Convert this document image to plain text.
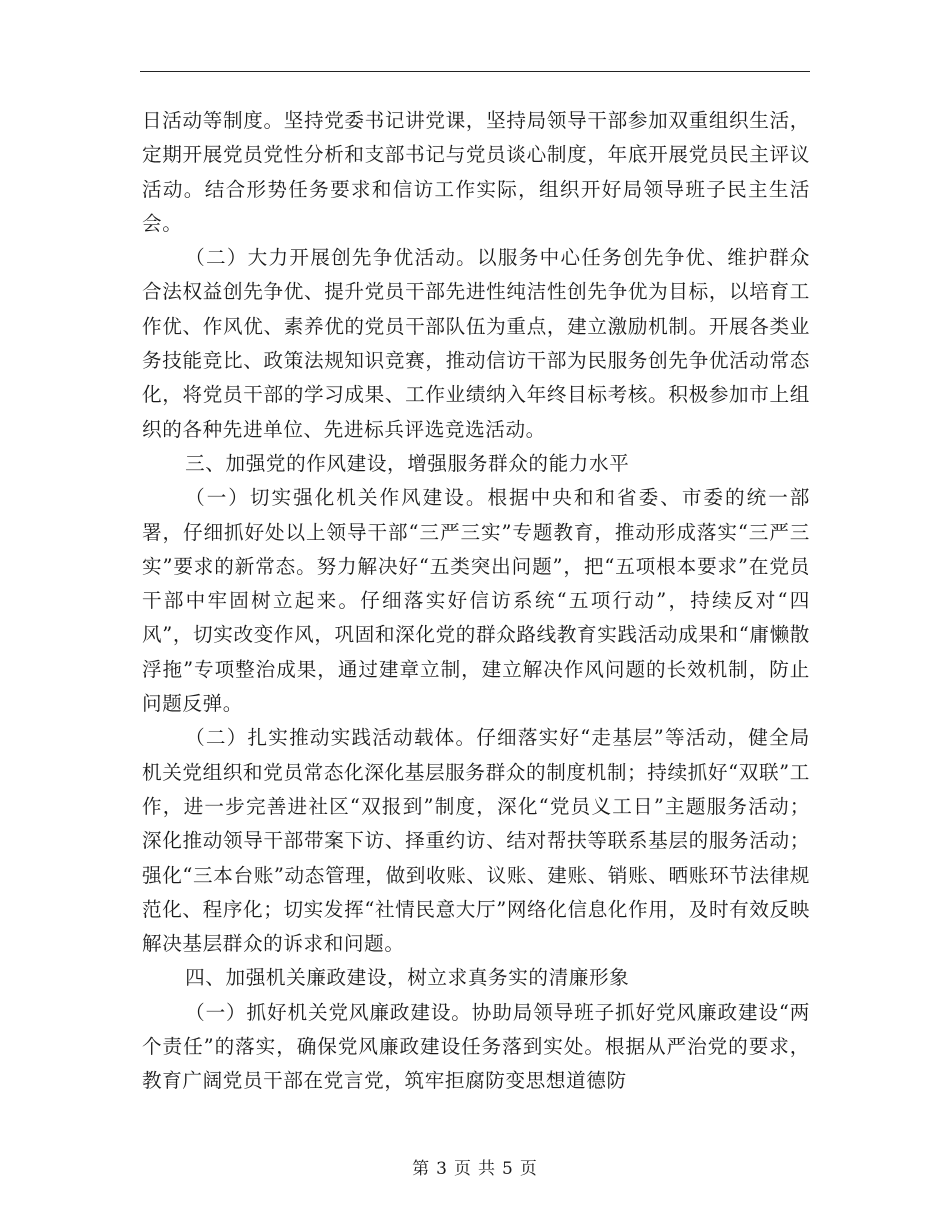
日活动等制度。坚持党委书记讲党课，坚持局领导干部参加双重组织生活，定期开展党员党性分析和支部书记与党员谈心制度，年底开展党员民主评议活动。结合形势任务要求和信访工作实际，组织开好局领导班子民主生活会。

（二）大力开展创先争优活动。以服务中心任务创先争优、维护群众合法权益创先争优、提升党员干部先进性纯洁性创先争优为目标，以培育工作优、作风优、素养优的党员干部队伍为重点，建立激励机制。开展各类业务技能竞比、政策法规知识竞赛，推动信访干部为民服务创先争优活动常态化，将党员干部的学习成果、工作业绩纳入年终目标考核。积极参加市上组织的各种先进单位、先进标兵评选竞选活动。

三、加强党的作风建设，增强服务群众的能力水平

（一）切实强化机关作风建设。根据中央和和省委、市委的统一部署，仔细抓好处以上领导干部“三严三实”专题教育，推动形成落实“三严三实”要求的新常态。努力解决好“五类突出问题”，把“五项根本要求”在党员干部中牢固树立起来。仔细落实好信访系统“五项行动”，持续反对“四风”，切实改变作风，巩固和深化党的群众路线教育实践活动成果和“庸懒散浮拖”专项整治成果，通过建章立制，建立解决作风问题的长效机制，防止问题反弹。

（二）扎实推动实践活动载体。仔细落实好“走基层”等活动，健全局机关党组织和党员常态化深化基层服务群众的制度机制；持续抓好“双联”工作，进一步完善进社区“双报到”制度，深化“党员义工日”主题服务活动；深化推动领导干部带案下访、择重约访、结对帮扶等联系基层的服务活动；强化“三本台账”动态管理，做到收账、议账、建账、销账、晒账环节法律规范化、程序化；切实发挥“社情民意大厅”网络化信息化作用，及时有效反映解决基层群众的诉求和问题。

四、加强机关廉政建设，树立求真务实的清廉形象

（一）抓好机关党风廉政建设。协助局领导班子抓好党风廉政建设“两个责任”的落实，确保党风廉政建设任务落到实处。根据从严治党的要求，教育广阔党员干部在党言党，筑牢拒腐防变思想道德防

第 3 页 共 5 页
